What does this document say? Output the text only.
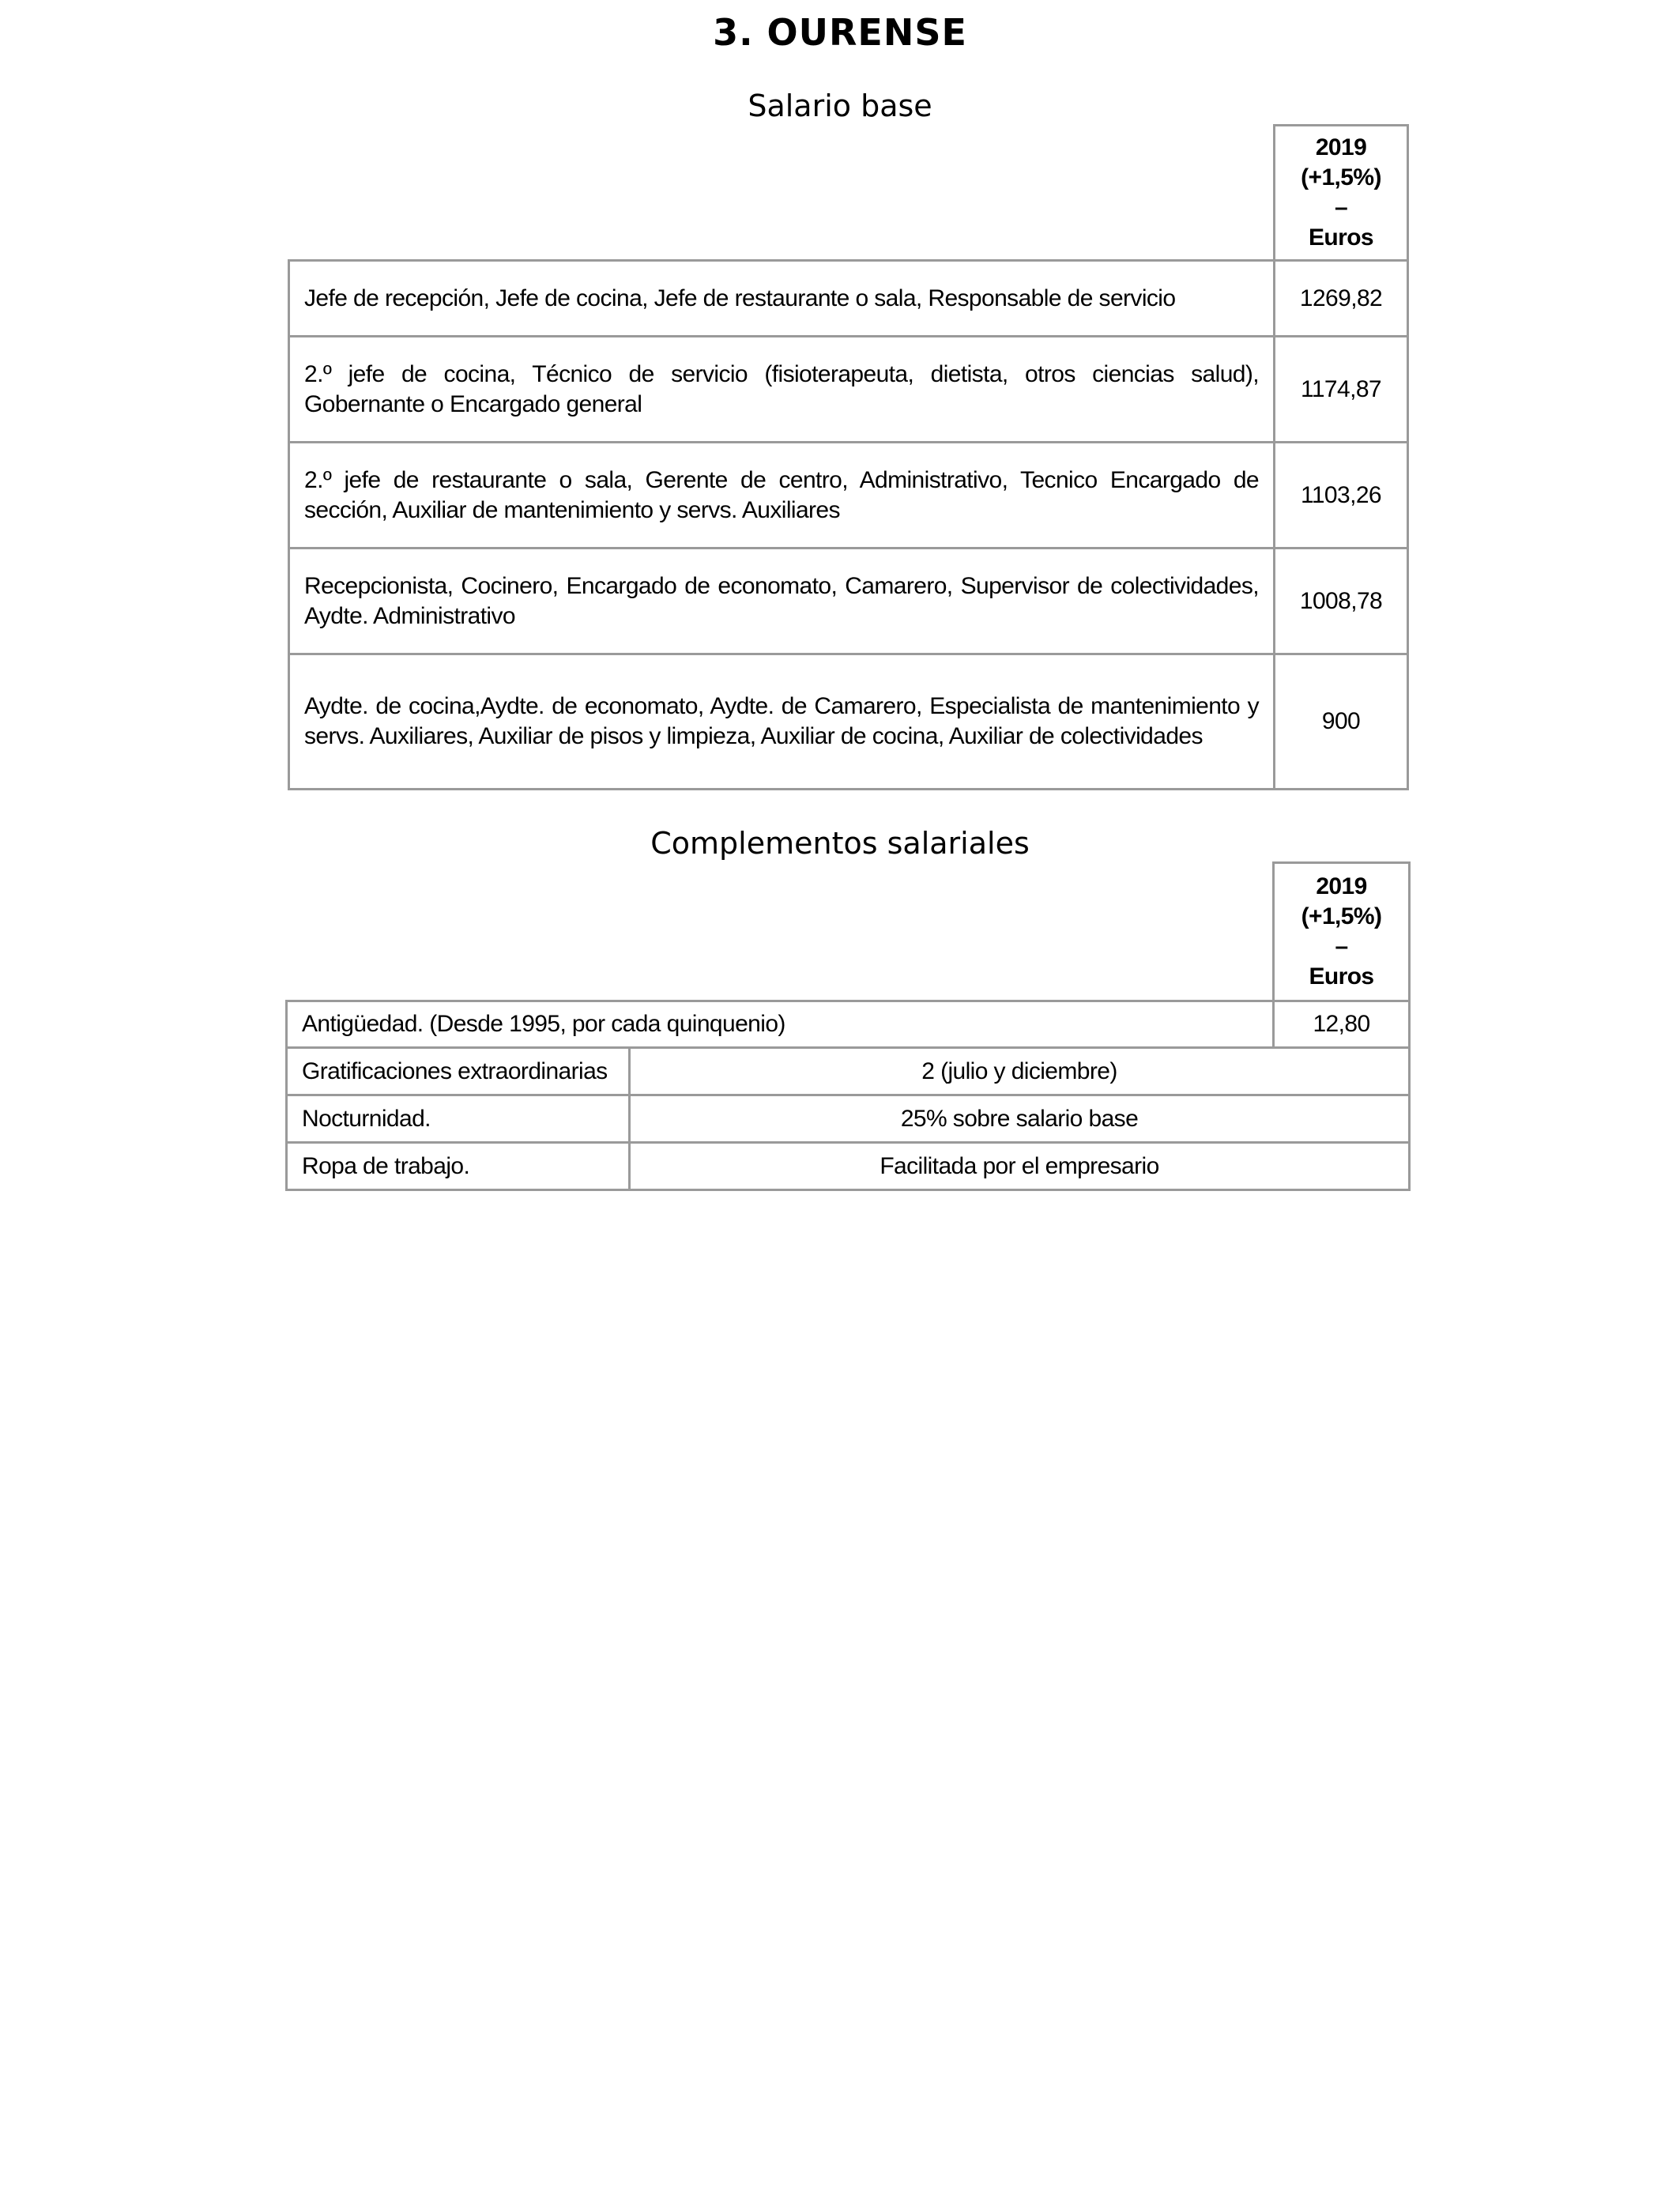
3. OURENSE
Salario base

	2019
(+1,5%)
–
Euros

Jefe de recepción, Jefe de cocina, Jefe de restaurante o sala, Responsable de servicio	1269,82
2.º jefe de cocina, Técnico de servicio (fisioterapeuta, dietista, otros ciencias salud), Gobernante o Encargado general	1174,87
2.º jefe de restaurante o sala, Gerente de centro, Administrativo, Tecnico Encargado de sección, Auxiliar de mantenimiento y servs. Auxiliares	1103,26
Recepcionista, Cocinero, Encargado de economato, Camarero, Supervisor de colectividades, Aydte. Administrativo	1008,78
Aydte. de cocina,Aydte. de economato, Aydte. de Camarero, Especialista de mantenimiento y servs. Auxiliares, Auxiliar de pisos y limpieza, Auxiliar de cocina, Auxiliar de colectividades	900
Complementos salariales

		2019
(+1,5%)
–
Euros

Antigüedad. (Desde 1995, por cada quinquenio)		12,80
Gratificaciones extraordinarias	2 (julio y diciembre)	
Nocturnidad.	25% sobre salario base	
Ropa de trabajo.	Facilitada por el empresario	
